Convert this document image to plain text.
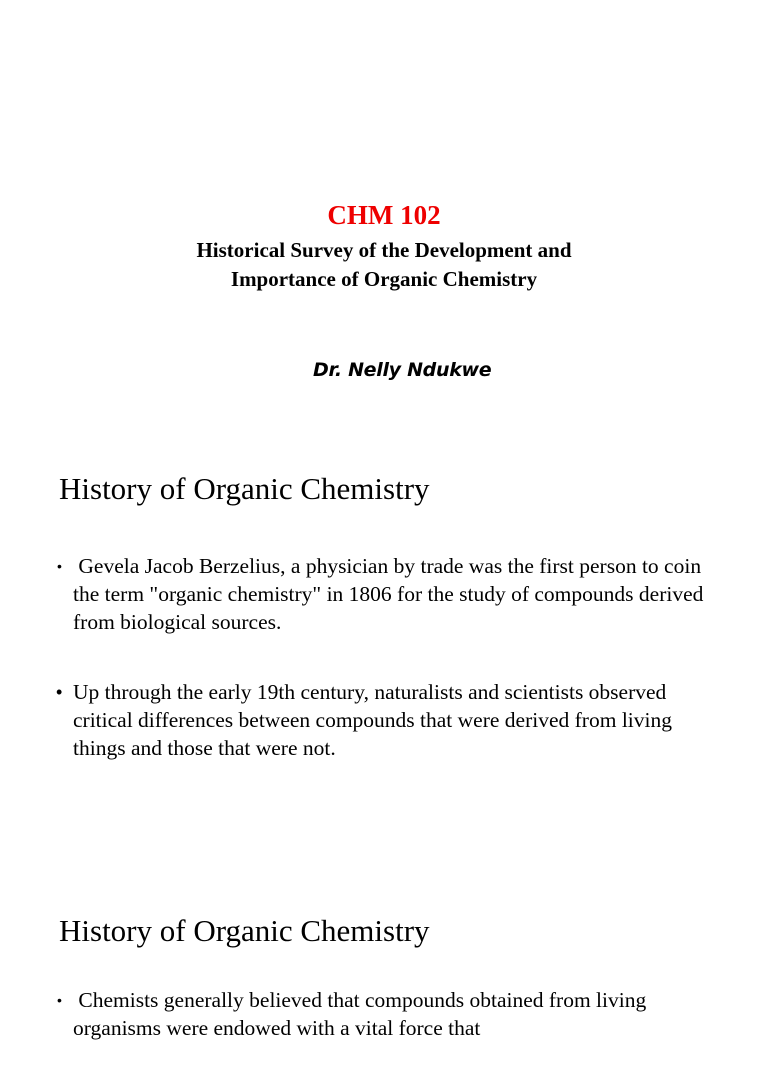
CHM 102
Historical Survey of the Development and
Importance of Organic Chemistry
Dr. Nelly Ndukwe
History of Organic Chemistry
• Gevela Jacob Berzelius, a physician by trade was the first person to coin the term "organic chemistry" in 1806 for the study of compounds derived from biological sources.
• Up through the early 19th century, naturalists and scientists observed critical differences between compounds that were derived from living things and those that were not.
History of Organic Chemistry
• Chemists generally believed that compounds obtained from living organisms were endowed with a vital force that
